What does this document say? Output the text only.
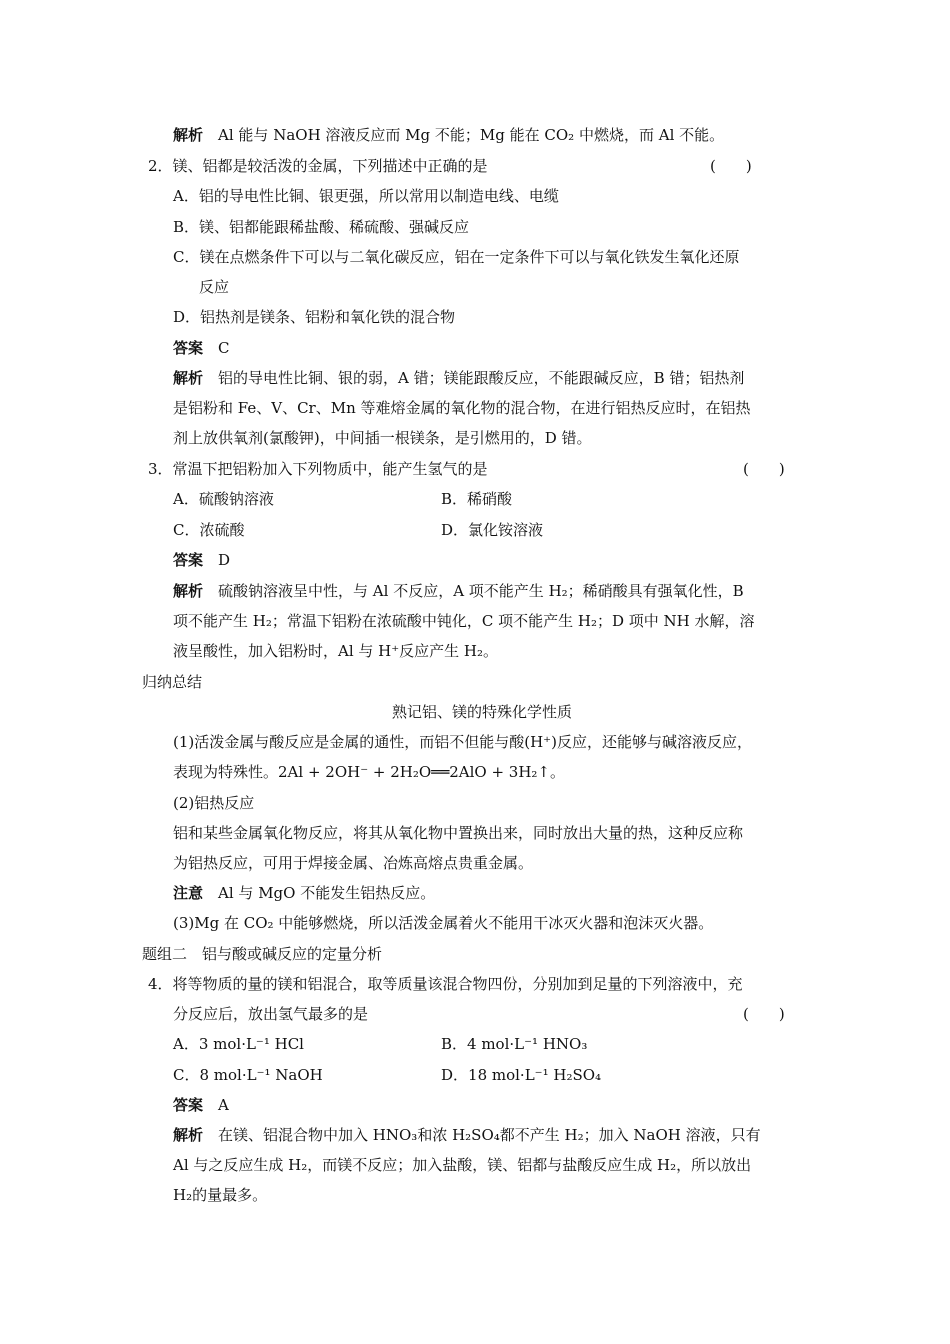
解析　 Al 能与 NaOH 溶液反应而 Mg 不能；Mg 能在 CO₂ 中燃烧，而 Al 不能。
2．镁、铝都是较活泼的金属，下列描述中正确的是	(　　)
A．铝的导电性比铜、银更强，所以常用以制造电线、电缆
B．镁、铝都能跟稀盐酸、稀硫酸、强碱反应
C．镁在点燃条件下可以与二氧化碳反应，铝在一定条件下可以与氧化铁发生氧化还原
反应
D．铝热剂是镁条、铝粉和氧化铁的混合物
答案　 C
解析　 铝的导电性比铜、银的弱，A 错；镁能跟酸反应，不能跟碱反应，B 错；铝热剂
是铝粉和 Fe、V、Cr、Mn 等难熔金属的氧化物的混合物，在进行铝热反应时，在铝热
剂上放供氧剂(氯酸钾)，中间插一根镁条，是引燃用的，D 错。
3．常温下把铝粉加入下列物质中，能产生氢气的是	(　　)
A．硫酸钠溶液	B．稀硝酸
C．浓硫酸	D．氯化铵溶液
答案　 D
解析　 硫酸钠溶液呈中性，与 Al 不反应，A 项不能产生 H₂；稀硝酸具有强氧化性，B
项不能产生 H₂；常温下铝粉在浓硫酸中钝化，C 项不能产生 H₂；D 项中 NH 水解，溶
液呈酸性，加入铝粉时，Al 与 H⁺反应产生 H₂。
归纳总结
熟记铝、镁的特殊化学性质
(1)活泼金属与酸反应是金属的通性，而铝不但能与酸(H⁺)反应，还能够与碱溶液反应，
表现为特殊性。2Al + 2OH⁻ + 2H₂O══2AlO + 3H₂↑。
(2)铝热反应
铝和某些金属氧化物反应，将其从氧化物中置换出来，同时放出大量的热，这种反应称
为铝热反应，可用于焊接金属、冶炼高熔点贵重金属。
注意　 Al 与 MgO 不能发生铝热反应。
(3)Mg 在 CO₂ 中能够燃烧，所以活泼金属着火不能用干冰灭火器和泡沫灭火器。
题组二　铝与酸或碱反应的定量分析
4．将等物质的量的镁和铝混合，取等质量该混合物四份，分别加到足量的下列溶液中，充
分反应后，放出氢气最多的是	(　　)
A．3 mol·L⁻¹ HCl	B．4 mol·L⁻¹ HNO₃
C．8 mol·L⁻¹ NaOH	D．18 mol·L⁻¹ H₂SO₄
答案　 A
解析　 在镁、铝混合物中加入 HNO₃和浓 H₂SO₄都不产生 H₂；加入 NaOH 溶液，只有
Al 与之反应生成 H₂，而镁不反应；加入盐酸，镁、铝都与盐酸反应生成 H₂，所以放出
H₂的量最多。
